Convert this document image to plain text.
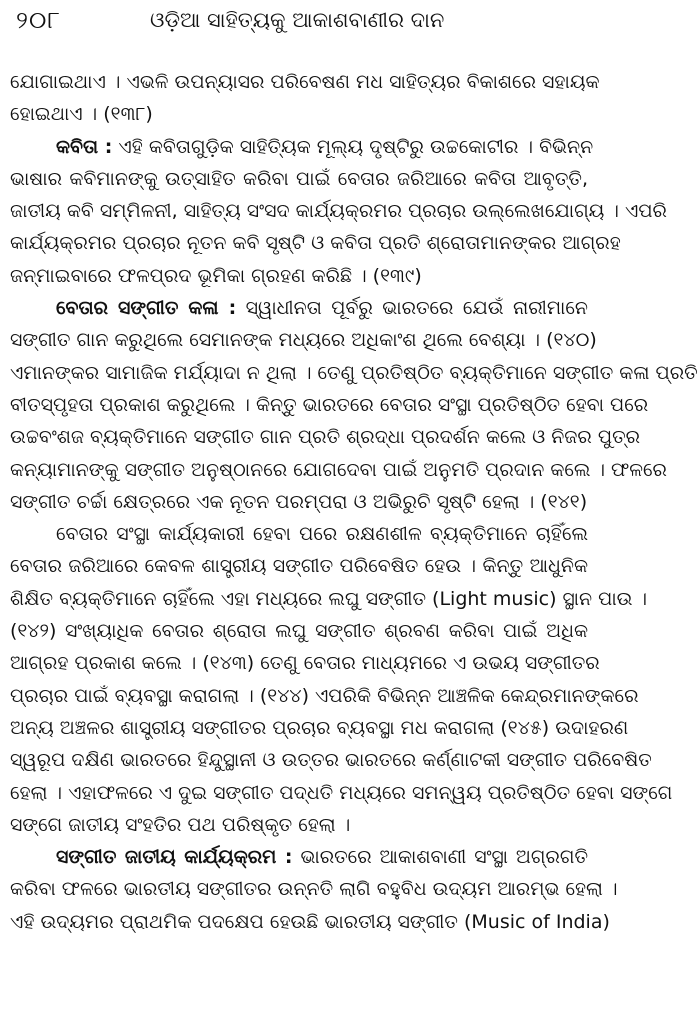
୨୦୮	ଓଡ଼ିଆ ସାହିତ୍ୟକୁ ଆକାଶବାଣୀର ଦାନ
ଯୋଗାଇଥାଏ । ଏଭଳି ଉପନ୍ୟାସର ପରିବେଷଣ ମଧ ସାହିତ୍ୟର ବିକାଶରେ ସହାୟକ
ହୋଇଥାଏ । (୧୩୮)
କବିତା : ଏହି କବିତାଗୁଡ଼ିକ ସାହିତ୍ୟିକ ମୂଲ୍ୟ ଦୃଷ୍ଟିରୁ ଉଚ୍ଚକୋଟୀର । ବିଭିନ୍ନ
ଭାଷାର କବିମାନଙ୍କୁ ଉତ୍ସାହିତ କରିବା ପାଇଁ ବେତାର ଜରିଆରେ କବିତା ଆବୃତ୍ତି,
ଜାତୀୟ କବି ସମ୍ମିଳନୀ, ସାହିତ୍ୟ ସଂସଦ କାର୍ଯ୍ୟକ୍ରମର ପ୍ରଚାର ଉଲ୍ଲେଖଯୋଗ୍ୟ । ଏପରି
କାର୍ଯ୍ୟକ୍ରମର ପ୍ରଚାର ନୂତନ କବି ସୃଷ୍ଟି ଓ କବିତା ପ୍ରତି ଶ୍ରୋତାମାନଙ୍କର ଆଗ୍ରହ
ଜନ୍ମାଇବାରେ ଫଳପ୍ରଦ ଭୂମିକା ଗ୍ରହଣ କରିଛି । (୧୩୯)
ବେତାର ସଙ୍ଗୀତ କଳା : ସ୍ୱାଧୀନତା ପୂର୍ବରୁ ଭାରତରେ ଯେଉଁ ନାରୀମାନେ
ସଙ୍ଗୀତ ଗାନ କରୁଥିଲେ ସେମାନଙ୍କ ମଧ୍ୟରେ ଅଧିକାଂଶ ଥିଲେ ବେଶ୍ୟା । (୧୪୦)
ଏମାନଙ୍କର ସାମାଜିକ ମର୍ଯ୍ୟାଦା ନ ଥିଲା । ତେଣୁ ପ୍ରତିଷ୍ଠିତ ବ୍ୟକ୍ତିମାନେ ସଙ୍ଗୀତ କଳା ପ୍ରତି
ବୀତସ୍ପୃହତା ପ୍ରକାଶ କରୁଥିଲେ । କିନ୍ତୁ ଭାରତରେ ବେତାର ସଂସ୍ଥା ପ୍ରତିଷ୍ଠିତ ହେବା ପରେ
ଉଚ୍ଚବଂଶଜ ବ୍ୟକ୍ତିମାନେ ସଙ୍ଗୀତ ଗାନ ପ୍ରତି ଶ୍ରଦ୍ଧା ପ୍ରଦର୍ଶନ କଲେ ଓ ନିଜର ପୁତ୍ର
କନ୍ୟାମାନଙ୍କୁ ସଙ୍ଗୀତ ଅନୁଷ୍ଠାନରେ ଯୋଗଦେବା ପାଇଁ ଅନୁମତି ପ୍ରଦାନ କଲେ । ଫଳରେ
ସଙ୍ଗୀତ ଚର୍ଚ୍ଚା କ୍ଷେତ୍ରରେ ଏକ ନୂତନ ପରମ୍ପରା ଓ ଅଭିରୁଚି ସୃଷ୍ଟି ହେଲା । (୧୪୧)
ବେତାର ସଂସ୍ଥା କାର୍ଯ୍ୟକାରୀ ହେବା ପରେ ରକ୍ଷଣଶୀଳ ବ୍ୟକ୍ତିମାନେ ଚାହିଁଲେ
ବେତାର ଜରିଆରେ କେବଳ ଶାସ୍ତ୍ରୀୟ ସଙ୍ଗୀତ ପରିବେଷିତ ହେଉ । କିନ୍ତୁ ଆଧୁନିକ
ଶିକ୍ଷିତ ବ୍ୟକ୍ତିମାନେ ଚାହିଁଲେ ଏହା ମଧ୍ୟରେ ଲଘୁ ସଙ୍ଗୀତ (Light music) ସ୍ଥାନ ପାଉ ।
(୧୪୨) ସଂଖ୍ୟାଧିକ ବେତାର ଶ୍ରୋତା ଲଘୁ ସଙ୍ଗୀତ ଶ୍ରବଣ କରିବା ପାଇଁ ଅଧିକ
ଆଗ୍ରହ ପ୍ରକାଶ କଲେ । (୧୪୩) ତେଣୁ ବେତାର ମାଧ୍ୟମରେ ଏ ଉଭୟ ସଙ୍ଗୀତର
ପ୍ରଚାର ପାଇଁ ବ୍ୟବସ୍ଥା କରାଗଲା । (୧୪୪) ଏପରିକି ବିଭିନ୍ନ ଆଞ୍ଚଳିକ କେନ୍ଦ୍ରମାନଙ୍କରେ
ଅନ୍ୟ ଅଞ୍ଚଳର ଶାସ୍ତ୍ରୀୟ ସଙ୍ଗୀତର ପ୍ରଚାର ବ୍ୟବସ୍ଥା ମଧ କରାଗଲା (୧୪୫) ଉଦାହରଣ
ସ୍ୱରୂପ ଦକ୍ଷିଣ ଭାରତରେ ହିନ୍ଦୁସ୍ଥାନୀ ଓ ଉତ୍ତର ଭାରତରେ କର୍ଣ୍ଣାଟକୀ ସଙ୍ଗୀତ ପରିବେଷିତ
ହେଲା । ଏହାଫଳରେ ଏ ଦୁଇ ସଙ୍ଗୀତ ପଦ୍ଧତି ମଧ୍ୟରେ ସମନ୍ୱୟ ପ୍ରତିଷ୍ଠିତ ହେବା ସଙ୍ଗେ
ସଙ୍ଗେ ଜାତୀୟ ସଂହତିର ପଥ ପରିଷ୍କୃତ ହେଲା ।
ସଙ୍ଗୀତ ଜାତୀୟ କାର୍ଯ୍ୟକ୍ରମ : ଭାରତରେ ଆକାଶବାଣୀ ସଂସ୍ଥା ଅଗ୍ରଗତି
କରିବା ଫଳରେ ଭାରତୀୟ ସଙ୍ଗୀତର ଉନ୍ନତି ଲାଗି ବହୁବିଧ ଉଦ୍ୟମ ଆରମ୍ଭ ହେଲା ।
ଏହି ଉଦ୍ୟମର ପ୍ରାଥମିକ ପଦକ୍ଷେପ ହେଉଛି ଭାରତୀୟ ସଙ୍ଗୀତ (Music of India)
